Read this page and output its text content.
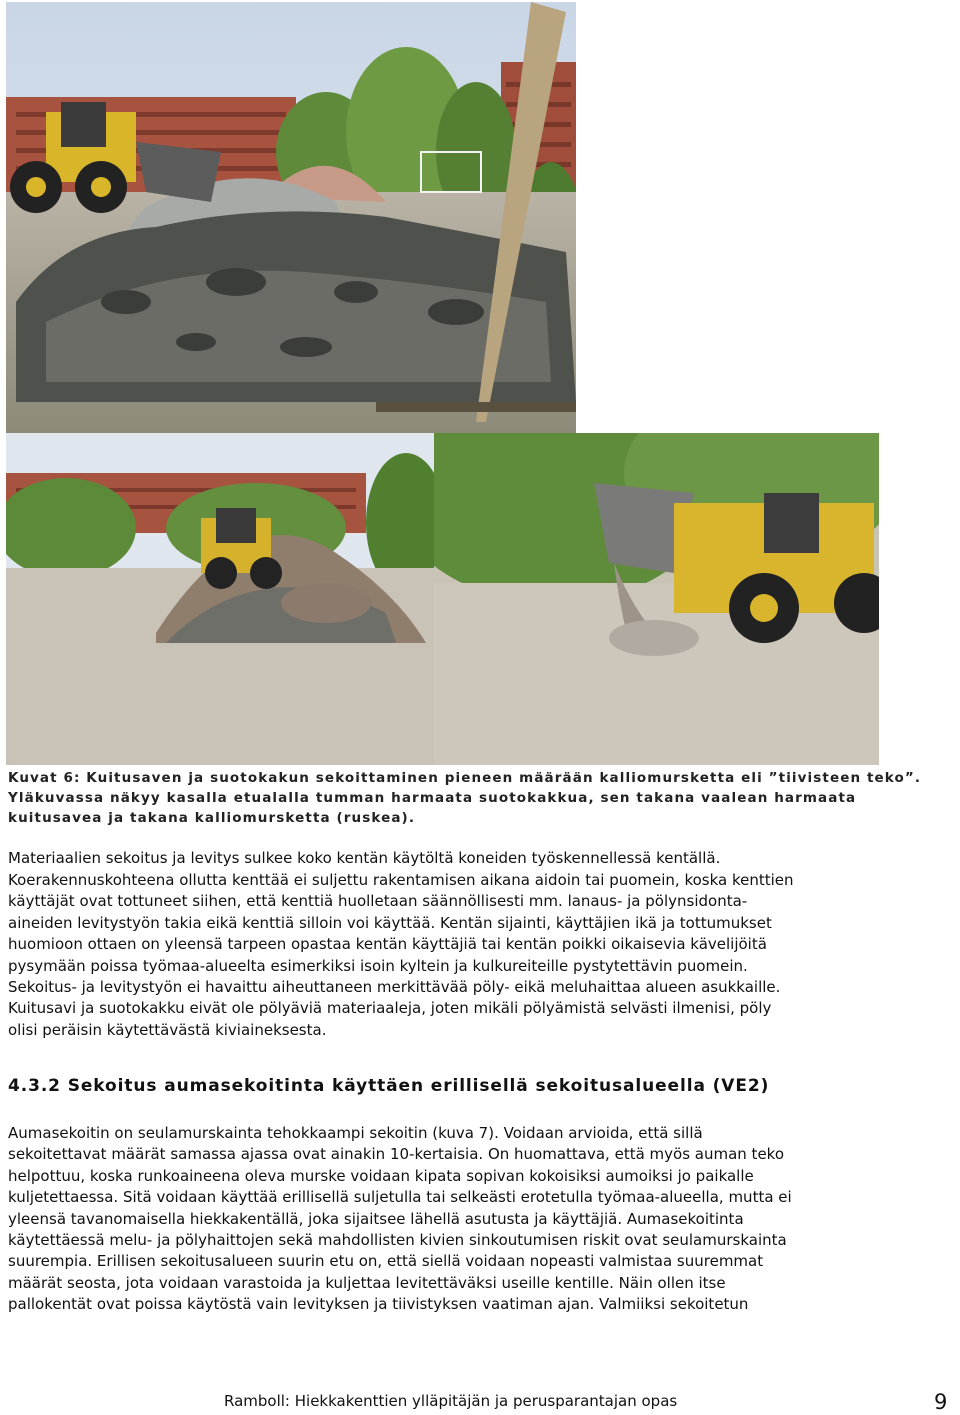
Kuvat 6: Kuitusaven ja suotokakun sekoittaminen pieneen määrään kalliomursketta eli ”tiivisteen teko”.
Yläkuvassa näkyy kasalla etualalla tumman harmaata suotokakkua, sen takana vaalean harmaata
kuitusavea ja takana kalliomursketta (ruskea).
Materiaalien sekoitus ja levitys sulkee koko kentän käytöltä koneiden työskennellessä kentällä.
Koerakennuskohteena ollutta kenttää ei suljettu rakentamisen aikana aidoin tai puomein, koska kenttien
käyttäjät ovat tottuneet siihen, että kenttiä huolletaan säännöllisesti mm. lanaus- ja pölynsidonta-
aineiden levitystyön takia eikä kenttiä silloin voi käyttää. Kentän sijainti, käyttäjien ikä ja tottumukset
huomioon ottaen on yleensä tarpeen opastaa kentän käyttäjiä tai kentän poikki oikaisevia kävelijöitä
pysymään poissa työmaa-alueelta esimerkiksi isoin kyltein ja kulkureiteille pystytettävin puomein.
Sekoitus- ja levitystyön ei havaittu aiheuttaneen merkittävää pöly- eikä meluhaittaa alueen asukkaille.
Kuitusavi ja suotokakku eivät ole pölyäviä materiaaleja, joten mikäli pölyämistä selvästi ilmenisi, pöly
olisi peräisin käytettävästä kiviaineksesta.
4.3.2 Sekoitus aumasekoitinta käyttäen erillisellä sekoitusalueella (VE2)
Aumasekoitin on seulamurskainta tehokkaampi sekoitin (kuva 7). Voidaan arvioida, että sillä
sekoitettavat määrät samassa ajassa ovat ainakin 10-kertaisia. On huomattava, että myös auman teko
helpottuu, koska runkoaineena oleva murske voidaan kipata sopivan kokoisiksi aumoiksi jo paikalle
kuljetettaessa. Sitä voidaan käyttää erillisellä suljetulla tai selkeästi erotetulla työmaa-alueella, mutta ei
yleensä tavanomaisella hiekkakentällä, joka sijaitsee lähellä asutusta ja käyttäjiä. Aumasekoitinta
käytettäessä melu- ja pölyhaittojen sekä mahdollisten kivien sinkoutumisen riskit ovat seulamurskainta
suurempia. Erillisen sekoitusalueen suurin etu on, että siellä voidaan nopeasti valmistaa suuremmat
määrät seosta, jota voidaan varastoida ja kuljettaa levitettäväksi useille kentille. Näin ollen itse
pallokentät ovat poissa käytöstä vain levityksen ja tiivistyksen vaatiman ajan. Valmiiksi sekoitetun
Ramboll: Hiekkakenttien ylläpitäjän ja perusparantajan opas	9
